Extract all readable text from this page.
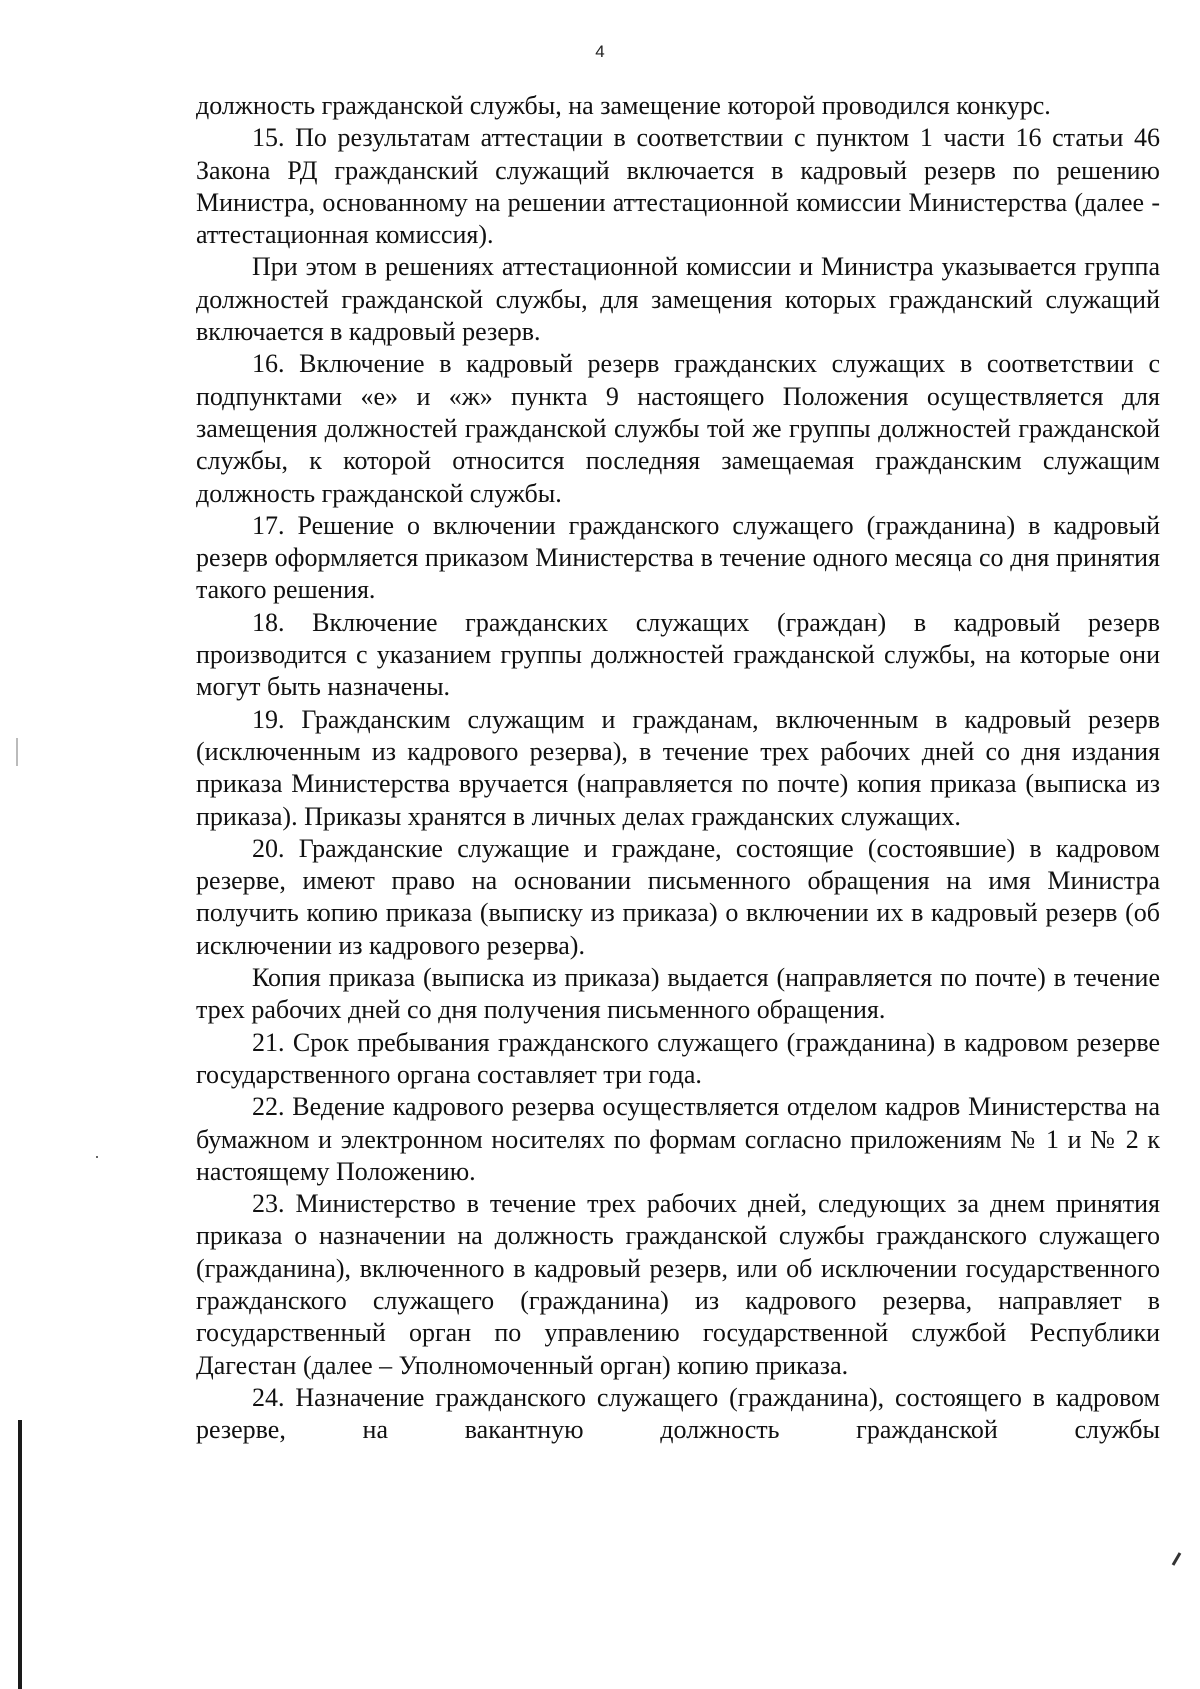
4

должность гражданской службы, на замещение которой проводился конкурс.

15. По результатам аттестации в соответствии с пунктом 1 части 16 статьи 46 Закона РД гражданский служащий включается в кадровый резерв по решению Министра, основанному на решении аттестационной комиссии Министерства (далее - аттестационная комиссия).

При этом в решениях аттестационной комиссии и Министра указывается группа должностей гражданской службы, для замещения которых гражданский служащий включается в кадровый резерв.

16. Включение в кадровый резерв гражданских служащих в соответствии с подпунктами «е» и «ж» пункта 9 настоящего Положения осуществляется для замещения должностей гражданской службы той же группы должностей гражданской службы, к которой относится последняя замещаемая гражданским служащим должность гражданской службы.

17. Решение о включении гражданского служащего (гражданина) в кадровый резерв оформляется приказом Министерства в течение одного месяца со дня принятия такого решения.

18. Включение гражданских служащих (граждан) в кадровый резерв производится с указанием группы должностей гражданской службы, на которые они могут быть назначены.

19. Гражданским служащим и гражданам, включенным в кадровый резерв (исключенным из кадрового резерва), в течение трех рабочих дней со дня издания приказа Министерства вручается (направляется по почте) копия приказа (выписка из приказа). Приказы хранятся в личных делах гражданских служащих.

20. Гражданские служащие и граждане, состоящие (состоявшие) в кадровом резерве, имеют право на основании письменного обращения на имя Министра получить копию приказа (выписку из приказа) о включении их в кадровый резерв (об исключении из кадрового резерва).

Копия приказа (выписка из приказа) выдается (направляется по почте) в течение трех рабочих дней со дня получения письменного обращения.

21. Срок пребывания гражданского служащего (гражданина) в кадровом резерве государственного органа составляет три года.

22. Ведение кадрового резерва осуществляется отделом кадров Министерства на бумажном и электронном носителях по формам согласно приложениям № 1 и № 2 к настоящему Положению.

23. Министерство в течение трех рабочих дней, следующих за днем принятия приказа о назначении на должность гражданской службы гражданского служащего (гражданина), включенного в кадровый резерв, или об исключении государственного гражданского служащего (гражданина) из кадрового резерва, направляет в государственный орган по управлению государственной службой Республики Дагестан (далее – Уполномоченный орган) копию приказа.

24. Назначение гражданского служащего (гражданина), состоящего в кадровом резерве, на вакантную должность гражданской службы
